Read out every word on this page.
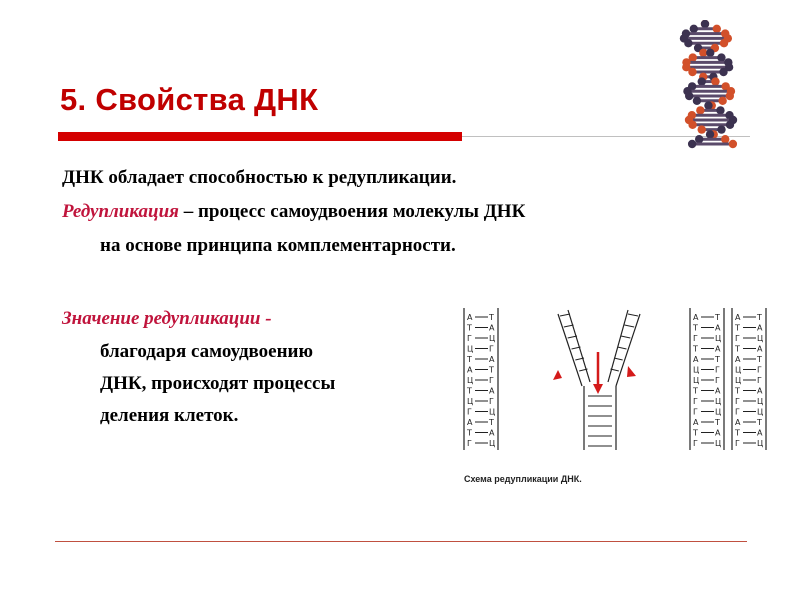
5. Свойства ДНК
ДНК обладает способностью к редупликации.
Редупликация – процесс самоудвоения молекулы ДНК
на основе принципа комплементарности.
Значение редупликации -
благодаря самоудвоению
ДНК, происходят процессы
деления клеток.
А Т
Т А
Г Ц
Ц Г
Т А
А Т
Ц Г
Т А
Ц Г
Г Ц
А Т
Т А
Г Ц
А Т
Т А
Г Ц
Т А
А Т
Ц Г
Ц Г
Т А
Г Ц
Г Ц
А Т
Т А
Г Ц
А Т
Т А
Г Ц
Т А
А Т
Ц Г
Ц Г
Т А
Г Ц
Г Ц
А Т
Т А
Г Ц
Схема редупликации ДНК.
